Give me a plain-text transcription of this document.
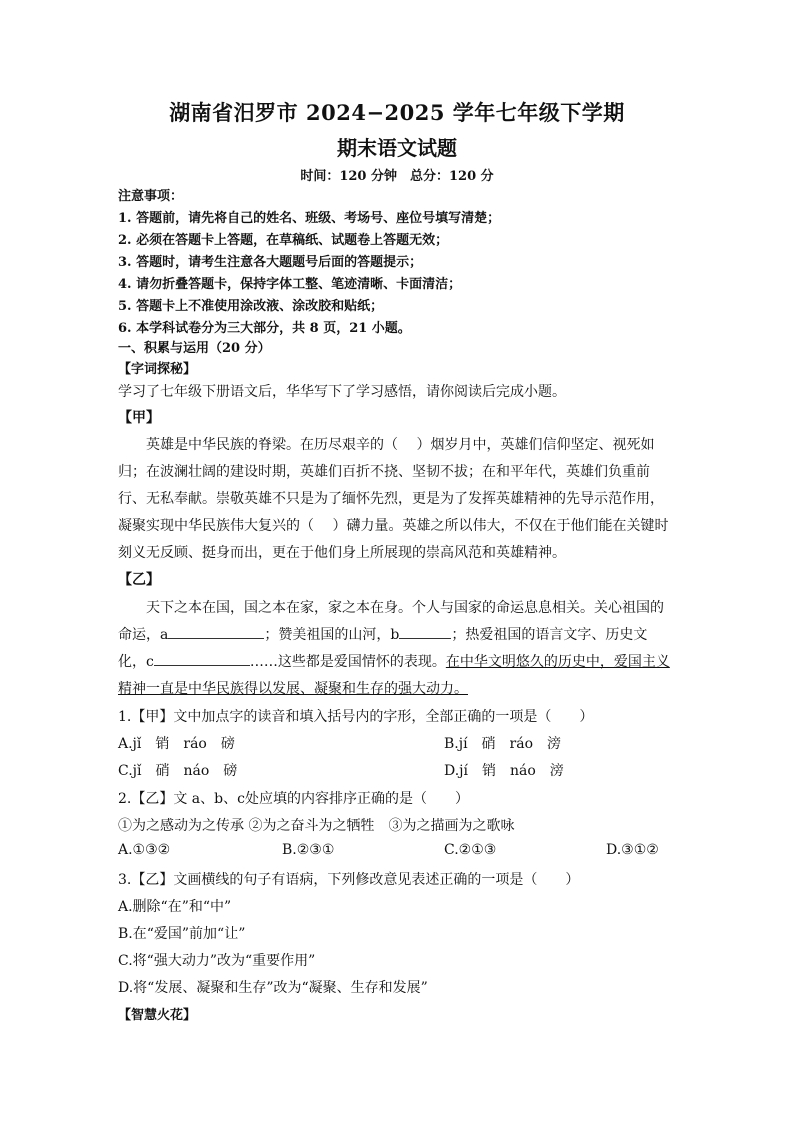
湖南省汨罗市 2024−2025 学年七年级下学期
期末语文试题
时间：120 分钟　总分：120 分
注意事项：
1. 答题前，请先将自己的姓名、班级、考场号、座位号填写清楚；
2. 必须在答题卡上答题，在草稿纸、试题卷上答题无效；
3. 答题时，请考生注意各大题题号后面的答题提示；
4. 请勿折叠答题卡，保持字体工整、笔迹清晰、卡面清洁；
5. 答题卡上不准使用涂改液、涂改胶和贴纸；
6. 本学科试卷分为三大部分，共 8 页，21 小题。
一、积累与运用（20 分）
【字词探秘】
学习了七年级下册语文后，华华写下了学习感悟，请你阅读后完成小题。
【甲】
　　英雄是中华民族的脊梁。在历尽艰辛的（　 ）烟岁月中，英雄们信仰坚定、视死如
归；在波澜壮阔的建设时期，英雄们百折不挠、坚韧不拔；在和平年代，英雄们负重前
行、无私奉献。崇敬英雄不只是为了缅怀先烈，更是为了发挥英雄精神的先导示范作用，
凝聚实现中华民族伟大复兴的（　 ）礴力量。英雄之所以伟大，不仅在于他们能在关键时
刻义无反顾、挺身而出，更在于他们身上所展现的崇高风范和英雄精神。
【乙】
　　天下之本在国，国之本在家，家之本在身。个人与国家的命运息息相关。关心祖国的
命运，a	；赞美祖国的山河，b	；热爱祖国的语言文字、历史文
化，c	……这些都是爱国情怀的表现。在中华文明悠久的历史中，爱国主义
精神一直是中华民族得以发展、凝聚和生存的强大动力。
1.【甲】文中加点字的读音和填入括号内的字形，全部正确的一项是（　　）
A.jǐ　销　ráo　磅	B.jí　硝　ráo　滂
C.jǐ　硝　náo　磅	D.jí　销　náo　滂
2.【乙】文 a、b、c处应填的内容排序正确的是（　　）
①为之感动为之传承 ②为之奋斗为之牺牲　③为之描画为之歌咏
A.①③②	B.②③①	C.②①③	D.③①②
3.【乙】文画横线的句子有语病，下列修改意见表述正确的一项是（　　）
A.删除“在”和“中”
B.在“爱国”前加“让”
C.将“强大动力”改为“重要作用”
D.将“发展、凝聚和生存”改为“凝聚、生存和发展”
【智慧火花】
